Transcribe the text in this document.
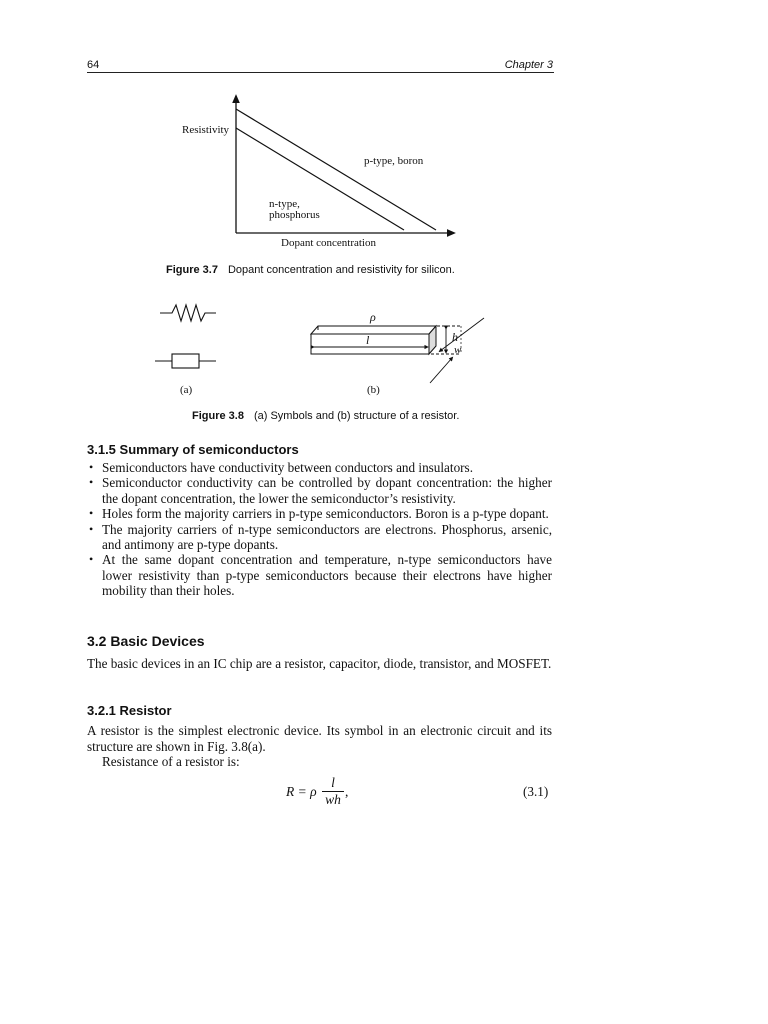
64	Chapter 3
Resistivity
Dopant concentration
p-type, boron
n-type,
phosphorus
Figure 3.7 Dopant concentration and resistivity for silicon.
ρ
l	h
w
(a)	(b)
Figure 3.8 (a) Symbols and (b) structure of a resistor.
3.1.5 Summary of semiconductors
• Semiconductors have conductivity between conductors and insulators.
• Semiconductor conductivity can be controlled by dopant concentration: the higher the dopant concentration, the lower the semiconductor’s resistivity.
• Holes form the majority carriers in p-type semiconductors. Boron is a p-type dopant.
• The majority carriers of n-type semiconductors are electrons. Phosphorus, arsenic, and antimony are p-type dopants.
• At the same dopant concentration and temperature, n-type semiconductors have lower resistivity than p-type semiconductors because their electrons have higher mobility than their holes.
3.2 Basic Devices
The basic devices in an IC chip are a resistor, capacitor, diode, transistor, and MOSFET.
3.2.1 Resistor
A resistor is the simplest electronic device. Its symbol in an electronic circuit and its structure are shown in Fig. 3.8(a).
Resistance of a resistor is:
R = ρ
l
wh
,	(3.1)
